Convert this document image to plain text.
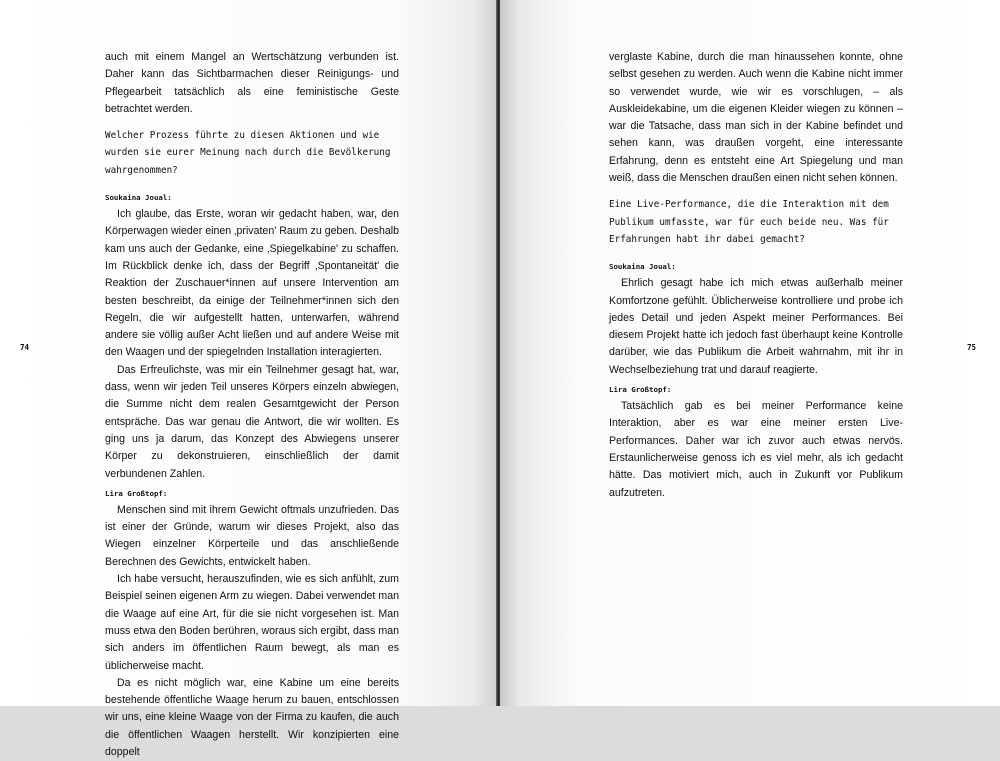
74

auch mit einem Mangel an Wertschätzung verbunden ist. Daher kann das Sichtbarmachen dieser Reinigungs- und Pflegearbeit tatsächlich als eine feministische Geste betrachtet werden.

Welcher Prozess führte zu diesen Aktionen und wie wurden sie eurer Meinung nach durch die Bevölkerung wahrgenommen?

Soukaina Joual:

Ich glaube, das Erste, woran wir gedacht haben, war, den Körperwagen wieder einen ‚privaten' Raum zu geben. Deshalb kam uns auch der Gedanke, eine ‚Spiegelkabine' zu schaffen. Im Rückblick denke ich, dass der Begriff ‚Spontaneität' die Reaktion der Zuschauer*innen auf unsere Intervention am besten beschreibt, da einige der Teilnehmer*innen sich den Regeln, die wir aufgestellt hatten, unterwarfen, während andere sie völlig außer Acht ließen und auf andere Weise mit den Waagen und der spiegelnden Installation interagierten.

Das Erfreulichste, was mir ein Teilnehmer gesagt hat, war, dass, wenn wir jeden Teil unseres Körpers einzeln abwiegen, die Summe nicht dem realen Gesamtgewicht der Person entspräche. Das war genau die Antwort, die wir wollten. Es ging uns ja darum, das Konzept des Abwiegens unserer Körper zu dekonstruieren, einschließlich der damit verbundenen Zahlen.

Lira Großtopf:

Menschen sind mit ihrem Gewicht oftmals unzufrieden. Das ist einer der Gründe, warum wir dieses Projekt, also das Wiegen einzelner Körperteile und das anschließende Berechnen des Gewichts, entwickelt haben.

Ich habe versucht, herauszufinden, wie es sich anfühlt, zum Beispiel seinen eigenen Arm zu wiegen. Dabei verwendet man die Waage auf eine Art, für die sie nicht vorgesehen ist. Man muss etwa den Boden berühren, woraus sich ergibt, dass man sich anders im öffentlichen Raum bewegt, als man es üblicherweise macht.

Da es nicht möglich war, eine Kabine um eine bereits bestehende öffentliche Waage herum zu bauen, entschlossen wir uns, eine kleine Waage von der Firma zu kaufen, die auch die öffentlichen Waagen herstellt. Wir konzipierten eine doppelt

75

verglaste Kabine, durch die man hinaussehen konnte, ohne selbst gesehen zu werden. Auch wenn die Kabine nicht immer so verwendet wurde, wie wir es vorschlugen, – als Auskleidekabine, um die eigenen Kleider wiegen zu können – war die Tatsache, dass man sich in der Kabine befindet und sehen kann, was draußen vorgeht, eine interessante Erfahrung, denn es entsteht eine Art Spiegelung und man weiß, dass die Menschen draußen einen nicht sehen können.

Eine Live-Performance, die die Interaktion mit dem Publikum umfasste, war für euch beide neu. Was für Erfahrungen habt ihr dabei gemacht?

Soukaina Joual:

Ehrlich gesagt habe ich mich etwas außerhalb meiner Komfortzone gefühlt. Üblicherweise kontrolliere und probe ich jedes Detail und jeden Aspekt meiner Performances. Bei diesem Projekt hatte ich jedoch fast überhaupt keine Kontrolle darüber, wie das Publikum die Arbeit wahrnahm, mit ihr in Wechselbeziehung trat und darauf reagierte.

Lira Großtopf:

Tatsächlich gab es bei meiner Performance keine Interaktion, aber es war eine meiner ersten Live-Performances. Daher war ich zuvor auch etwas nervös. Erstaunlicherweise genoss ich es viel mehr, als ich gedacht hätte. Das motiviert mich, auch in Zukunft vor Publikum aufzutreten.
